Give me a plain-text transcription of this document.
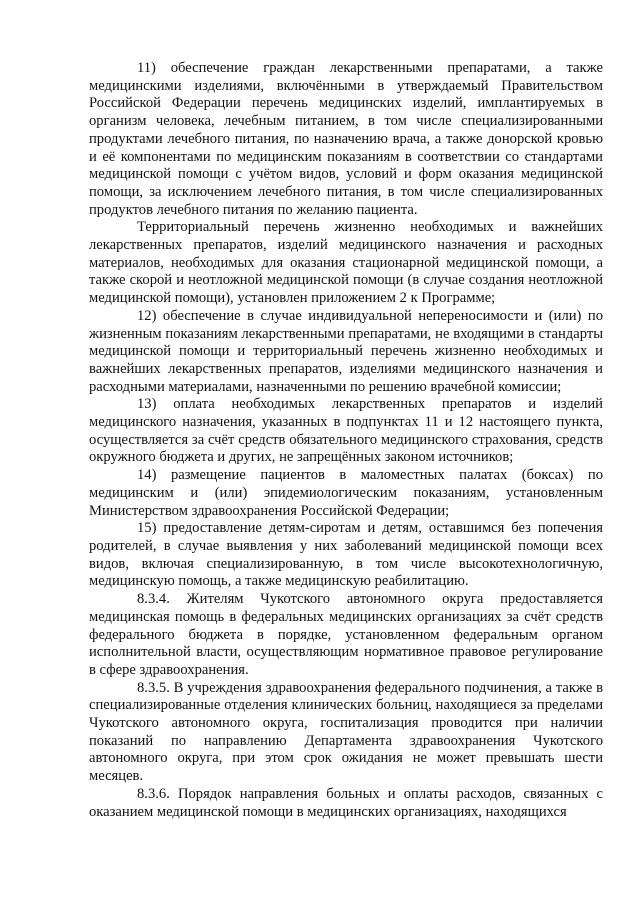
11) обеспечение граждан лекарственными препаратами, а также медицинскими изделиями, включёнными в утверждаемый Правительством Российской Федерации перечень медицинских изделий, имплантируемых в организм человека, лечебным питанием, в том числе специализированными продуктами лечебного питания, по назначению врача, а также донорской кровью и её компонентами по медицинским показаниям в соответствии со стандартами медицинской помощи с учётом видов, условий и форм оказания медицинской помощи, за исключением лечебного питания, в том числе специализированных продуктов лечебного питания по желанию пациента.

Территориальный перечень жизненно необходимых и важнейших лекарственных препаратов, изделий медицинского назначения и расходных материалов, необходимых для оказания стационарной медицинской помощи, а также скорой и неотложной медицинской помощи (в случае создания неотложной медицинской помощи), установлен приложением 2 к Программе;

12) обеспечение в случае индивидуальной непереносимости и (или) по жизненным показаниям лекарственными препаратами, не входящими в стандарты медицинской помощи и территориальный перечень жизненно необходимых и важнейших лекарственных препаратов, изделиями медицинского назначения и расходными материалами, назначенными по решению врачебной комиссии;

13) оплата необходимых лекарственных препаратов и изделий медицинского назначения, указанных в подпунктах 11 и 12 настоящего пункта, осуществляется за счёт средств обязательного медицинского страхования, средств окружного бюджета и других, не запрещённых законом источников;

14) размещение пациентов в маломестных палатах (боксах) по медицинским и (или) эпидемиологическим показаниям, установленным Министерством здравоохранения Российской Федерации;

15) предоставление детям-сиротам и детям, оставшимся без попечения родителей, в случае выявления у них заболеваний медицинской помощи всех видов, включая специализированную, в том числе высокотехнологичную, медицинскую помощь, а также медицинскую реабилитацию.

8.3.4. Жителям Чукотского автономного округа предоставляется медицинская помощь в федеральных медицинских организациях за счёт средств федерального бюджета в порядке, установленном федеральным органом исполнительной власти, осуществляющим нормативное правовое регулирование в сфере здравоохранения.

8.3.5. В учреждения здравоохранения федерального подчинения, а также в специализированные отделения клинических больниц, находящиеся за пределами Чукотского автономного округа, госпитализация проводится при наличии показаний по направлению Департамента здравоохранения Чукотского автономного округа, при этом срок ожидания не может превышать шести месяцев.

8.3.6. Порядок направления больных и оплаты расходов, связанных с оказанием медицинской помощи в медицинских организациях, находящихся
